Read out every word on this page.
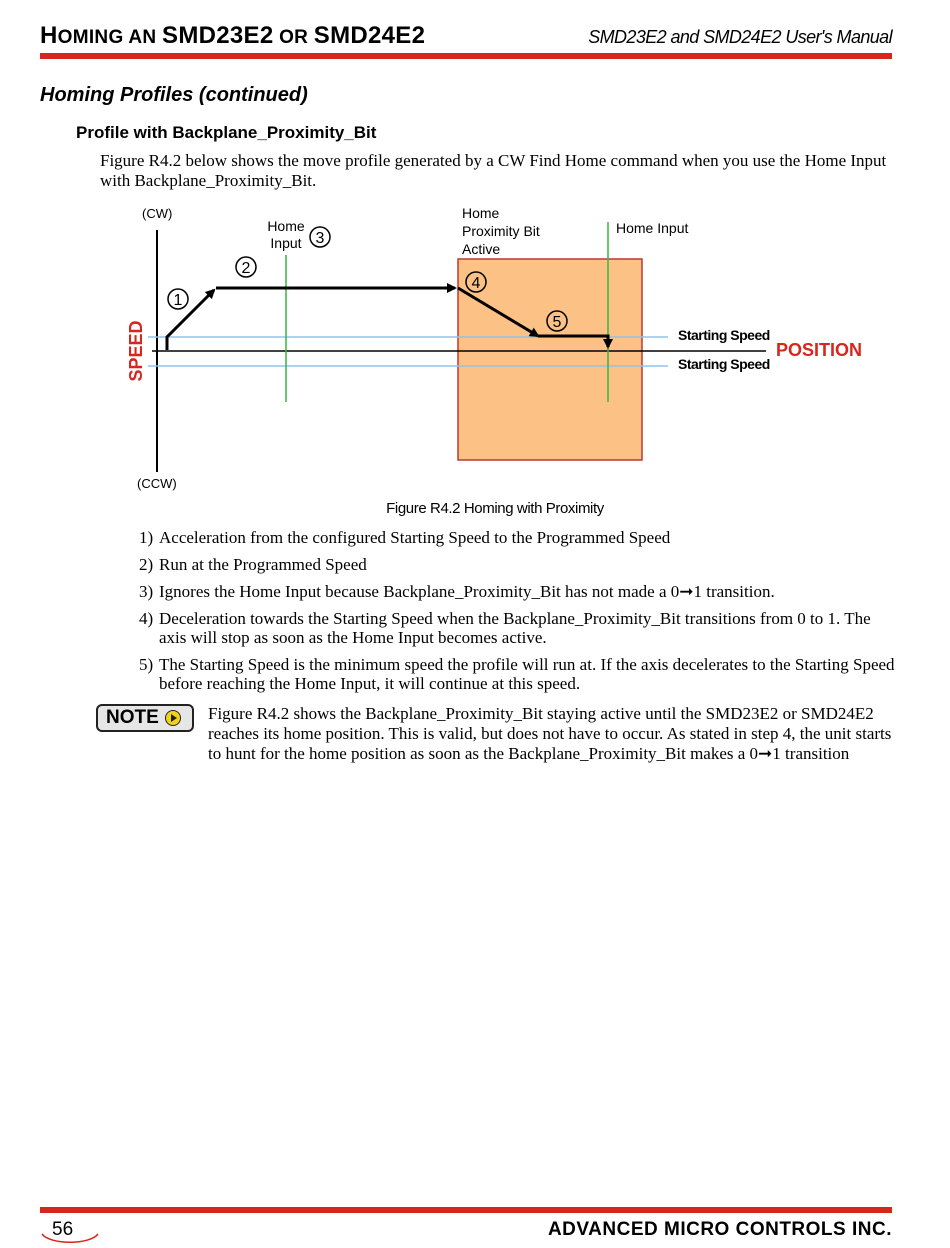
HOMING AN SMD23E2 OR SMD24E2	SMD23E2 and SMD24E2 User's Manual
Homing Profiles (continued)
Profile with Backplane_Proximity_Bit
Figure R4.2 below shows the move profile generated by a CW Find Home command when you use the Home Input with Backplane_Proximity_Bit.
1
2
3
4
5
(CW)
(CCW)
SPEED	POSITION
Home
Input
Home
Proximity Bit
Active
Home Input
Starting Speed
Starting Speed
Figure R4.2 Homing with Proximity
1) Acceleration from the configured Starting Speed to the Programmed Speed
2) Run at the Programmed Speed
3) Ignores the Home Input because Backplane_Proximity_Bit has not made a 0➞1 transition.
4) Deceleration towards the Starting Speed when the Backplane_Proximity_Bit transitions from 0 to 1. The axis will stop as soon as the Home Input becomes active.
5) The Starting Speed is the minimum speed the profile will run at. If the axis decelerates to the Starting Speed before reaching the Home Input, it will continue at this speed.
NOTE	Figure R4.2 shows the Backplane_Proximity_Bit staying active until the SMD23E2 or SMD24E2 reaches its home position. This is valid, but does not have to occur. As stated in step 4, the unit starts to hunt for the home position as soon as the Backplane_Proximity_Bit makes a 0➞1 transition
56	ADVANCED MICRO CONTROLS INC.
